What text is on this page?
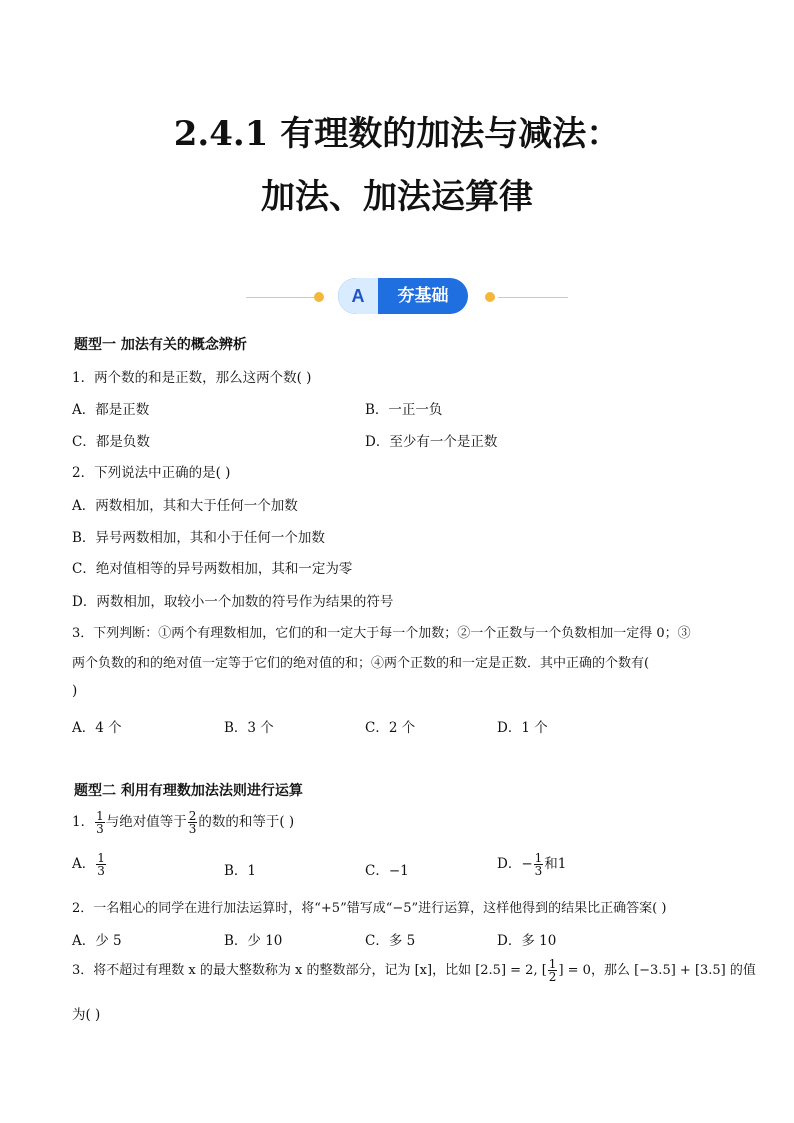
2.4.1 有理数的加法与减法：
加法、加法运算律
A	夯基础
题型一 加法有关的概念辨析
1．两个数的和是正数，那么这两个数( )
A．都是正数	B．一正一负
C．都是负数	D．至少有一个是正数
2．下列说法中正确的是( )
A．两数相加，其和大于任何一个加数
B．异号两数相加，其和小于任何一个加数
C．绝对值相等的异号两数相加，其和一定为零
D．两数相加，取较小一个加数的符号作为结果的符号
3．下列判断：①两个有理数相加，它们的和一定大于每一个加数；②一个正数与一个负数相加一定得 0；③
两个负数的和的绝对值一定等于它们的绝对值的和；④两个正数的和一定是正数．其中正确的个数有(
)
A．4 个	B．3 个	C．2 个	D．1 个
题型二 利用有理数加法法则进行运算
1． $\frac{1}{3}$ 与绝对值等于 $\frac{2}{3}$ 的数的和等于( )
A． $\frac{1}{3}$	B．1	C．−1	D．− $\frac{1}{3}$ 和1
2．一名粗心的同学在进行加法运算时，将“+5”错写成“−5”进行运算，这样他得到的结果比正确答案( )
A．少 5	B．少 10	C．多 5	D．多 10
3．将不超过有理数 x 的最大整数称为 x 的整数部分，记为 [x]，比如 [2.5] = 2, [ $\frac{1}{2}$ ] = 0，那么 [−3.5] + [3.5] 的值
为( )
